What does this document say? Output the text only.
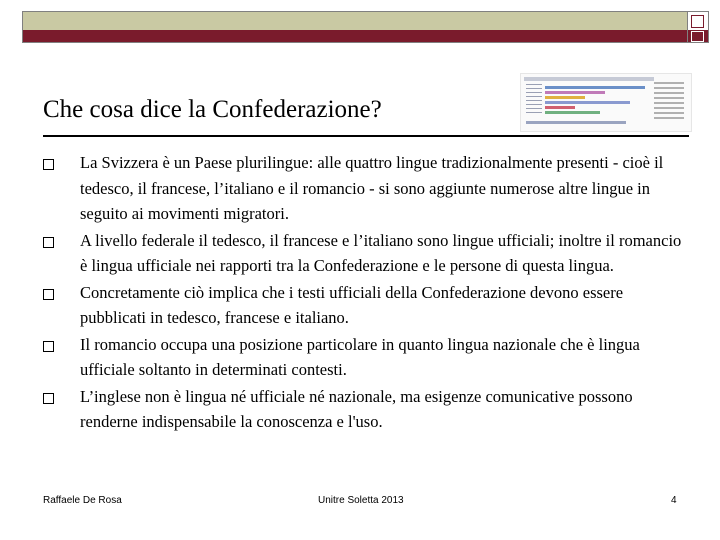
Che cosa dice la Confederazione?
La Svizzera è un Paese plurilingue: alle quattro lingue tradizionalmente presenti - cioè il tedesco, il francese, l’italiano e il romancio - si sono aggiunte numerose altre lingue in seguito ai movimenti migratori.
A livello federale il tedesco, il francese e l’italiano sono lingue ufficiali; inoltre il romancio è lingua ufficiale nei rapporti tra la Confederazione e le persone di questa lingua.
Concretamente ciò implica che i testi ufficiali della Confederazione devono essere pubblicati in tedesco, francese e italiano.
Il romancio occupa una posizione particolare in quanto lingua nazionale che è lingua ufficiale soltanto in determinati contesti.
L’inglese non è lingua né ufficiale né nazionale, ma esigenze comunicative possono renderne indispensabile la conoscenza e l'uso.
Raffaele De Rosa	Unitre Soletta 2013	4
